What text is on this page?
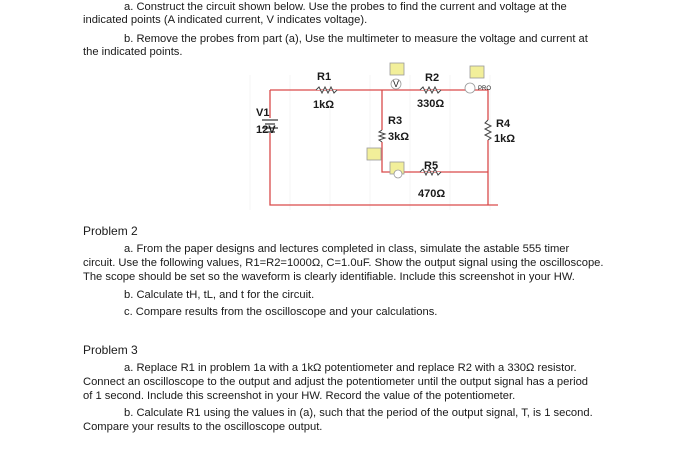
a. Construct the circuit shown below. Use the probes to find the current and voltage at the
indicated points (A indicated current, V indicates voltage).
b. Remove the probes from part (a), Use the multimeter to measure the voltage and current at
the indicated points.
R1
1kΩ
R2
330Ω
V1
12V
R3
3kΩ
R4
1kΩ
R5
470Ω
V	PRO
Problem 2
a. From the paper designs and lectures completed in class, simulate the astable 555 timer
circuit. Use the following values, R1=R2=1000Ω, C=1.0uF. Show the output signal using the oscilloscope.
The scope should be set so the waveform is clearly identifiable. Include this screenshot in your HW.
b. Calculate tH, tL, and t for the circuit.
c. Compare results from the oscilloscope and your calculations.
Problem 3
a. Replace R1 in problem 1a with a 1kΩ potentiometer and replace R2 with a 330Ω resistor.
Connect an oscilloscope to the output and adjust the potentiometer until the output signal has a period
of 1 second. Include this screenshot in your HW. Record the value of the potentiometer.
b. Calculate R1 using the values in (a), such that the period of the output signal, T, is 1 second.
Compare your results to the oscilloscope output.
